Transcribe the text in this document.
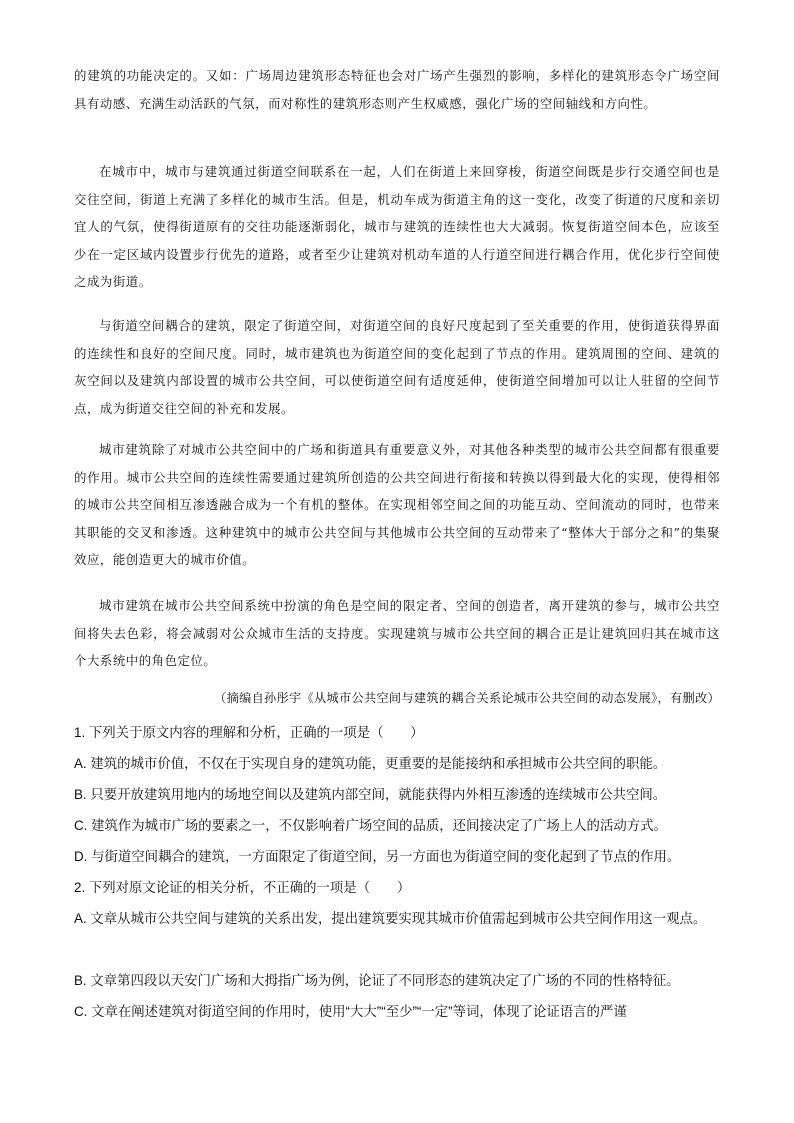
的建筑的功能决定的。又如：广场周边建筑形态特征也会对广场产生强烈的影响，多样化的建筑形态令广场空间具有动感、充满生动活跃的气氛，而对称性的建筑形态则产生权威感，强化广场的空间轴线和方向性。

在城市中，城市与建筑通过街道空间联系在一起，人们在街道上来回穿梭，街道空间既是步行交通空间也是交往空间，街道上充满了多样化的城市生活。但是，机动车成为街道主角的这一变化，改变了街道的尺度和亲切宜人的气氛，使得街道原有的交往功能逐渐弱化，城市与建筑的连续性也大大减弱。恢复街道空间本色，应该至少在一定区域内设置步行优先的道路，或者至少让建筑对机动车道的人行道空间进行耦合作用，优化步行空间使之成为街道。

与街道空间耦合的建筑，限定了街道空间，对街道空间的良好尺度起到了至关重要的作用，使街道获得界面的连续性和良好的空间尺度。同时，城市建筑也为街道空间的变化起到了节点的作用。建筑周围的空间、建筑的灰空间以及建筑内部设置的城市公共空间，可以使街道空间有适度延伸，使街道空间增加可以让人驻留的空间节点，成为街道交往空间的补充和发展。

城市建筑除了对城市公共空间中的广场和街道具有重要意义外，对其他各种类型的城市公共空间都有很重要的作用。城市公共空间的连续性需要通过建筑所创造的公共空间进行衔接和转换以得到最大化的实现，使得相邻的城市公共空间相互渗透融合成为一个有机的整体。在实现相邻空间之间的功能互动、空间流动的同时，也带来其职能的交叉和渗透。这种建筑中的城市公共空间与其他城市公共空间的互动带来了“整体大于部分之和”的集聚效应，能创造更大的城市价值。

城市建筑在城市公共空间系统中扮演的角色是空间的限定者、空间的创造者，离开建筑的参与，城市公共空间将失去色彩，将会减弱对公众城市生活的支持度。实现建筑与城市公共空间的耦合正是让建筑回归其在城市这个大系统中的角色定位。

（摘编自孙彤宇《从城市公共空间与建筑的耦合关系论城市公共空间的动态发展》，有删改）

1. 下列关于原文内容的理解和分析，正确的一项是（　　）

A. 建筑的城市价值，不仅在于实现自身的建筑功能，更重要的是能接纳和承担城市公共空间的职能。

B. 只要开放建筑用地内的场地空间以及建筑内部空间，就能获得内外相互渗透的连续城市公共空间。

C. 建筑作为城市广场的要素之一，不仅影响着广场空间的品质，还间接决定了广场上人的活动方式。

D. 与街道空间耦合的建筑，一方面限定了街道空间，另一方面也为街道空间的变化起到了节点的作用。

2. 下列对原文论证的相关分析，不正确的一项是（　　）

A. 文章从城市公共空间与建筑的关系出发，提出建筑要实现其城市价值需起到城市公共空间作用这一观点。

B. 文章第四段以天安门广场和大拇指广场为例，论证了不同形态的建筑决定了广场的不同的性格特征。

C. 文章在阐述建筑对街道空间的作用时，使用“大大”“至少”“一定”等词，体现了论证语言的严谨
